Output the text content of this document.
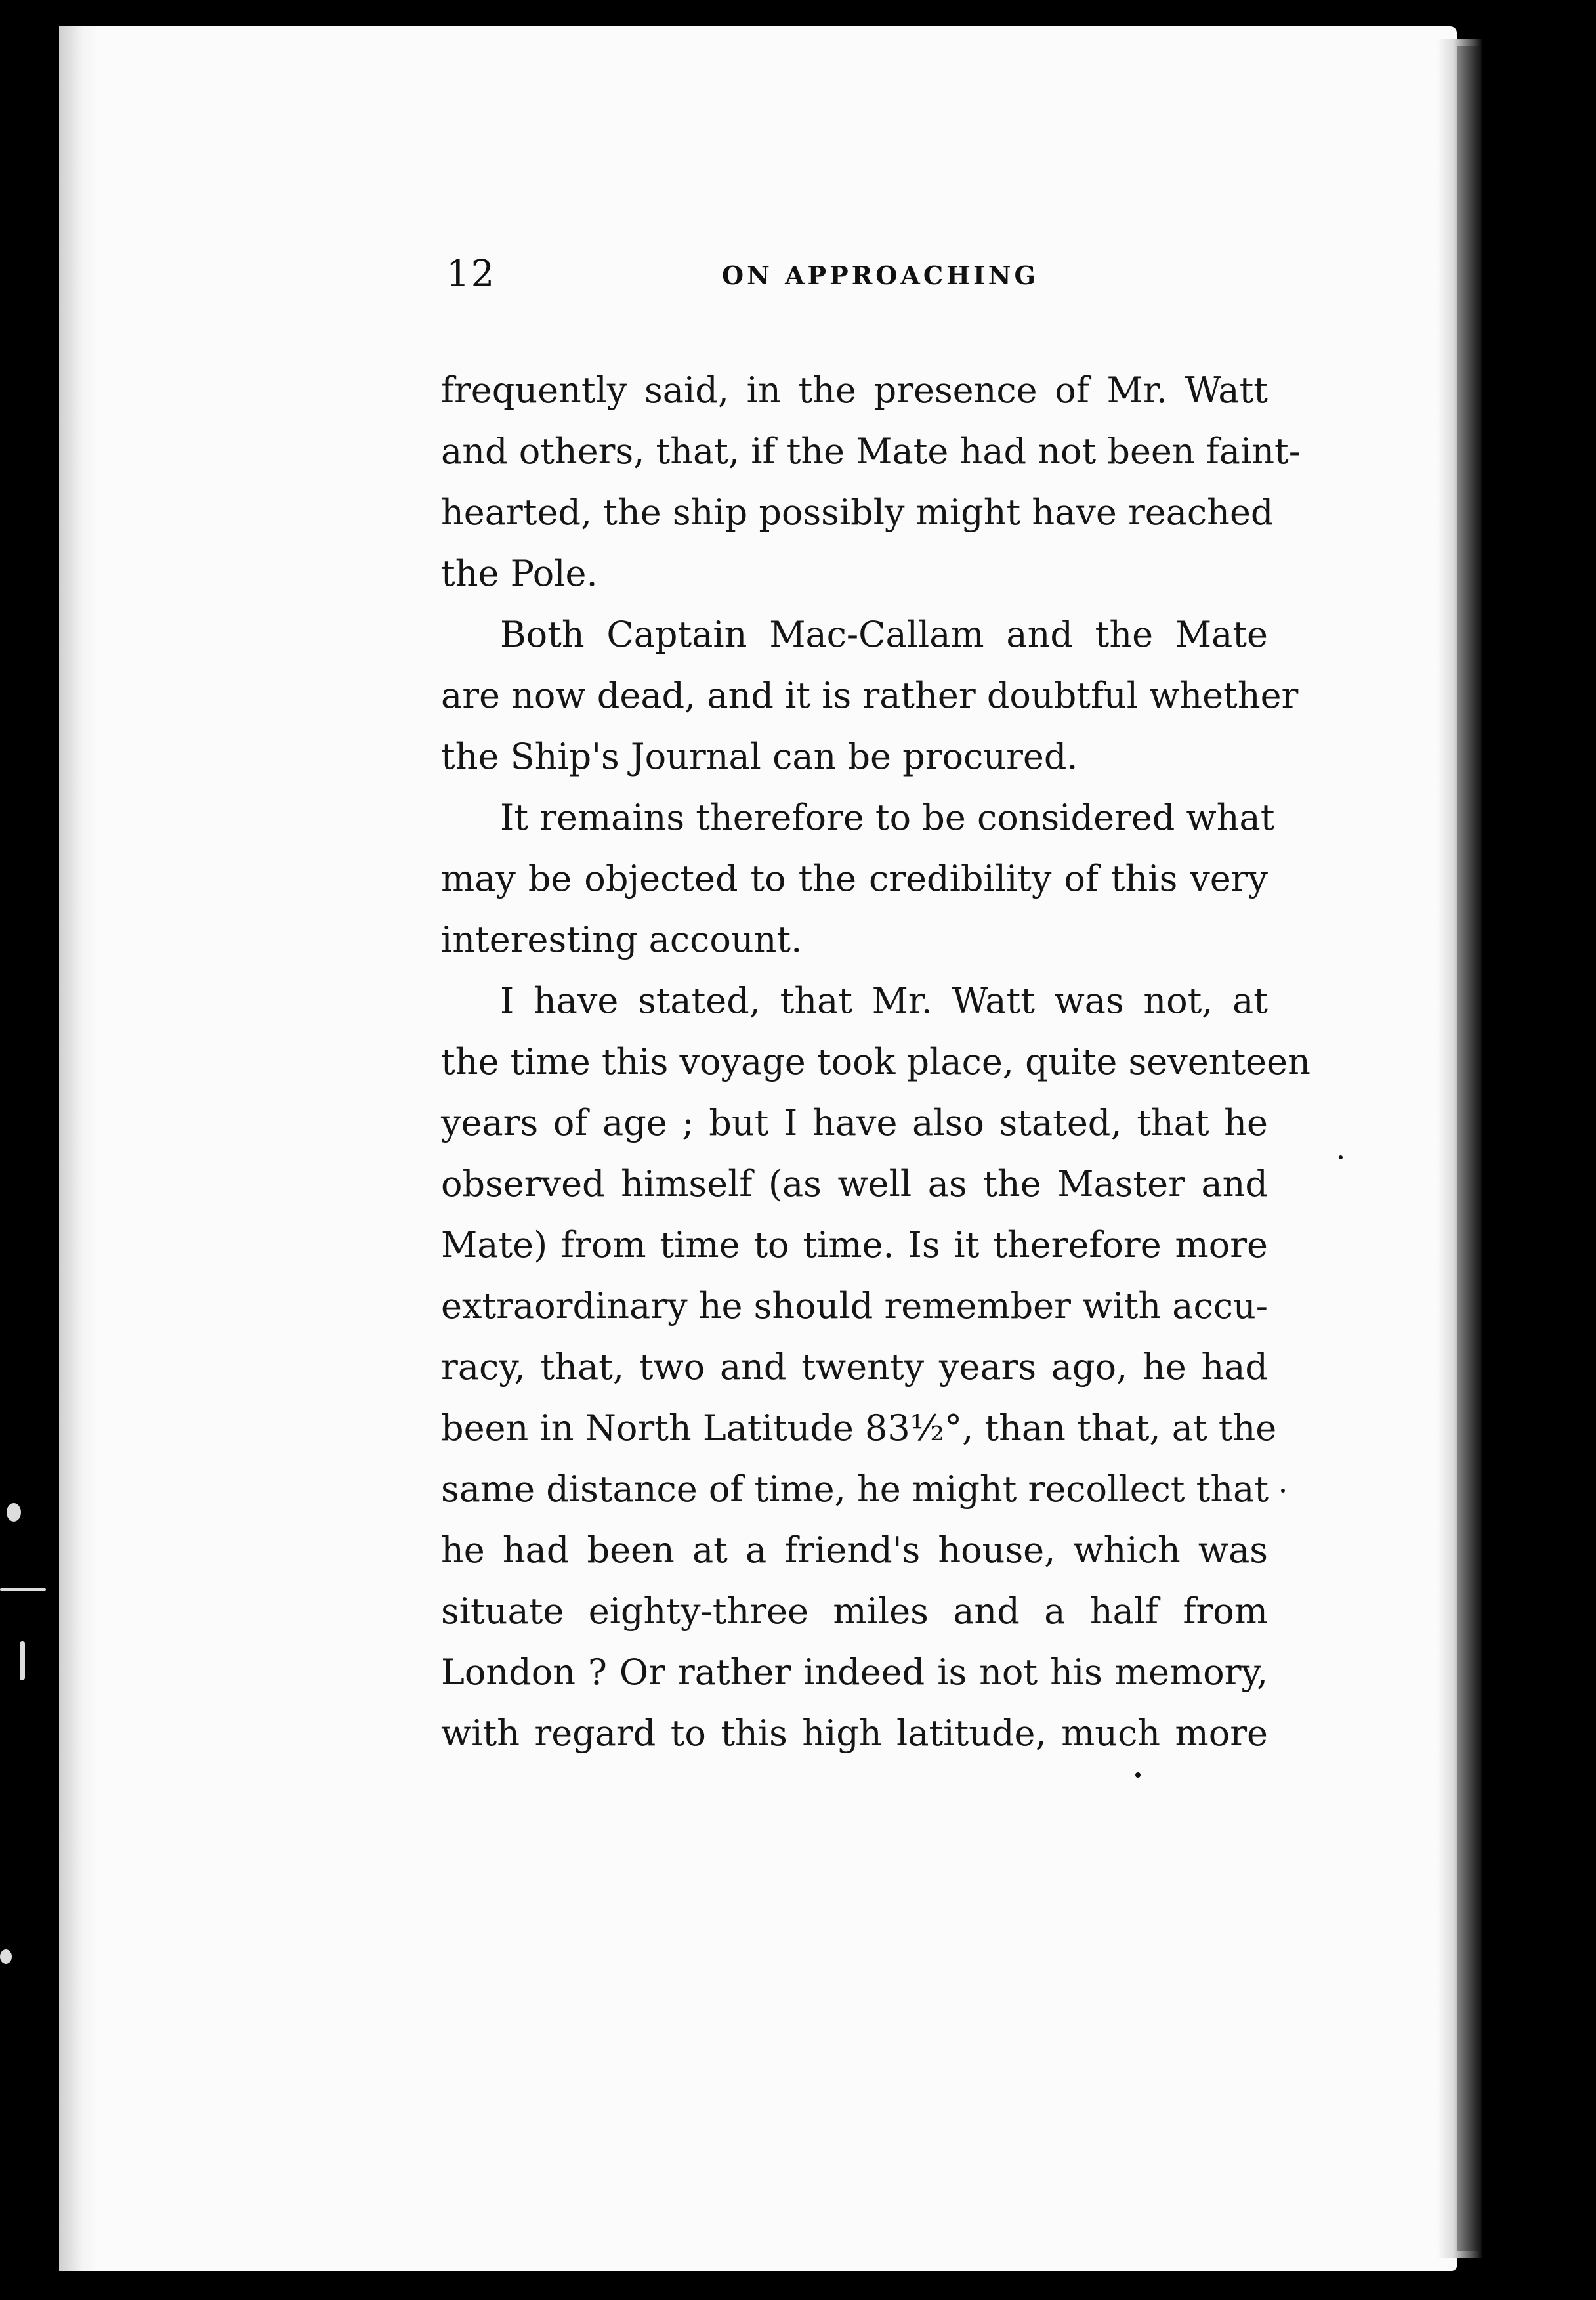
12	ON APPROACHING
frequently said, in the presence of Mr. Watt
and others, that, if the Mate had not been faint-
hearted, the ship possibly might have reached
the Pole.
Both Captain Mac-Callam and the Mate
are now dead, and it is rather doubtful whether
the Ship's Journal can be procured.
It remains therefore to be considered what
may be objected to the credibility of this very
interesting account.
I have stated, that Mr. Watt was not, at
the time this voyage took place, quite seventeen
years of age ; but I have also stated, that he
observed himself (as well as the Master and
Mate) from time to time. Is it therefore more
extraordinary he should remember with accu-
racy, that, two and twenty years ago, he had
been in North Latitude 83½°, than that, at the
same distance of time, he might recollect that
he had been at a friend's house, which was
situate eighty-three miles and a half from
London ? Or rather indeed is not his memory,
with regard to this high latitude, much more
